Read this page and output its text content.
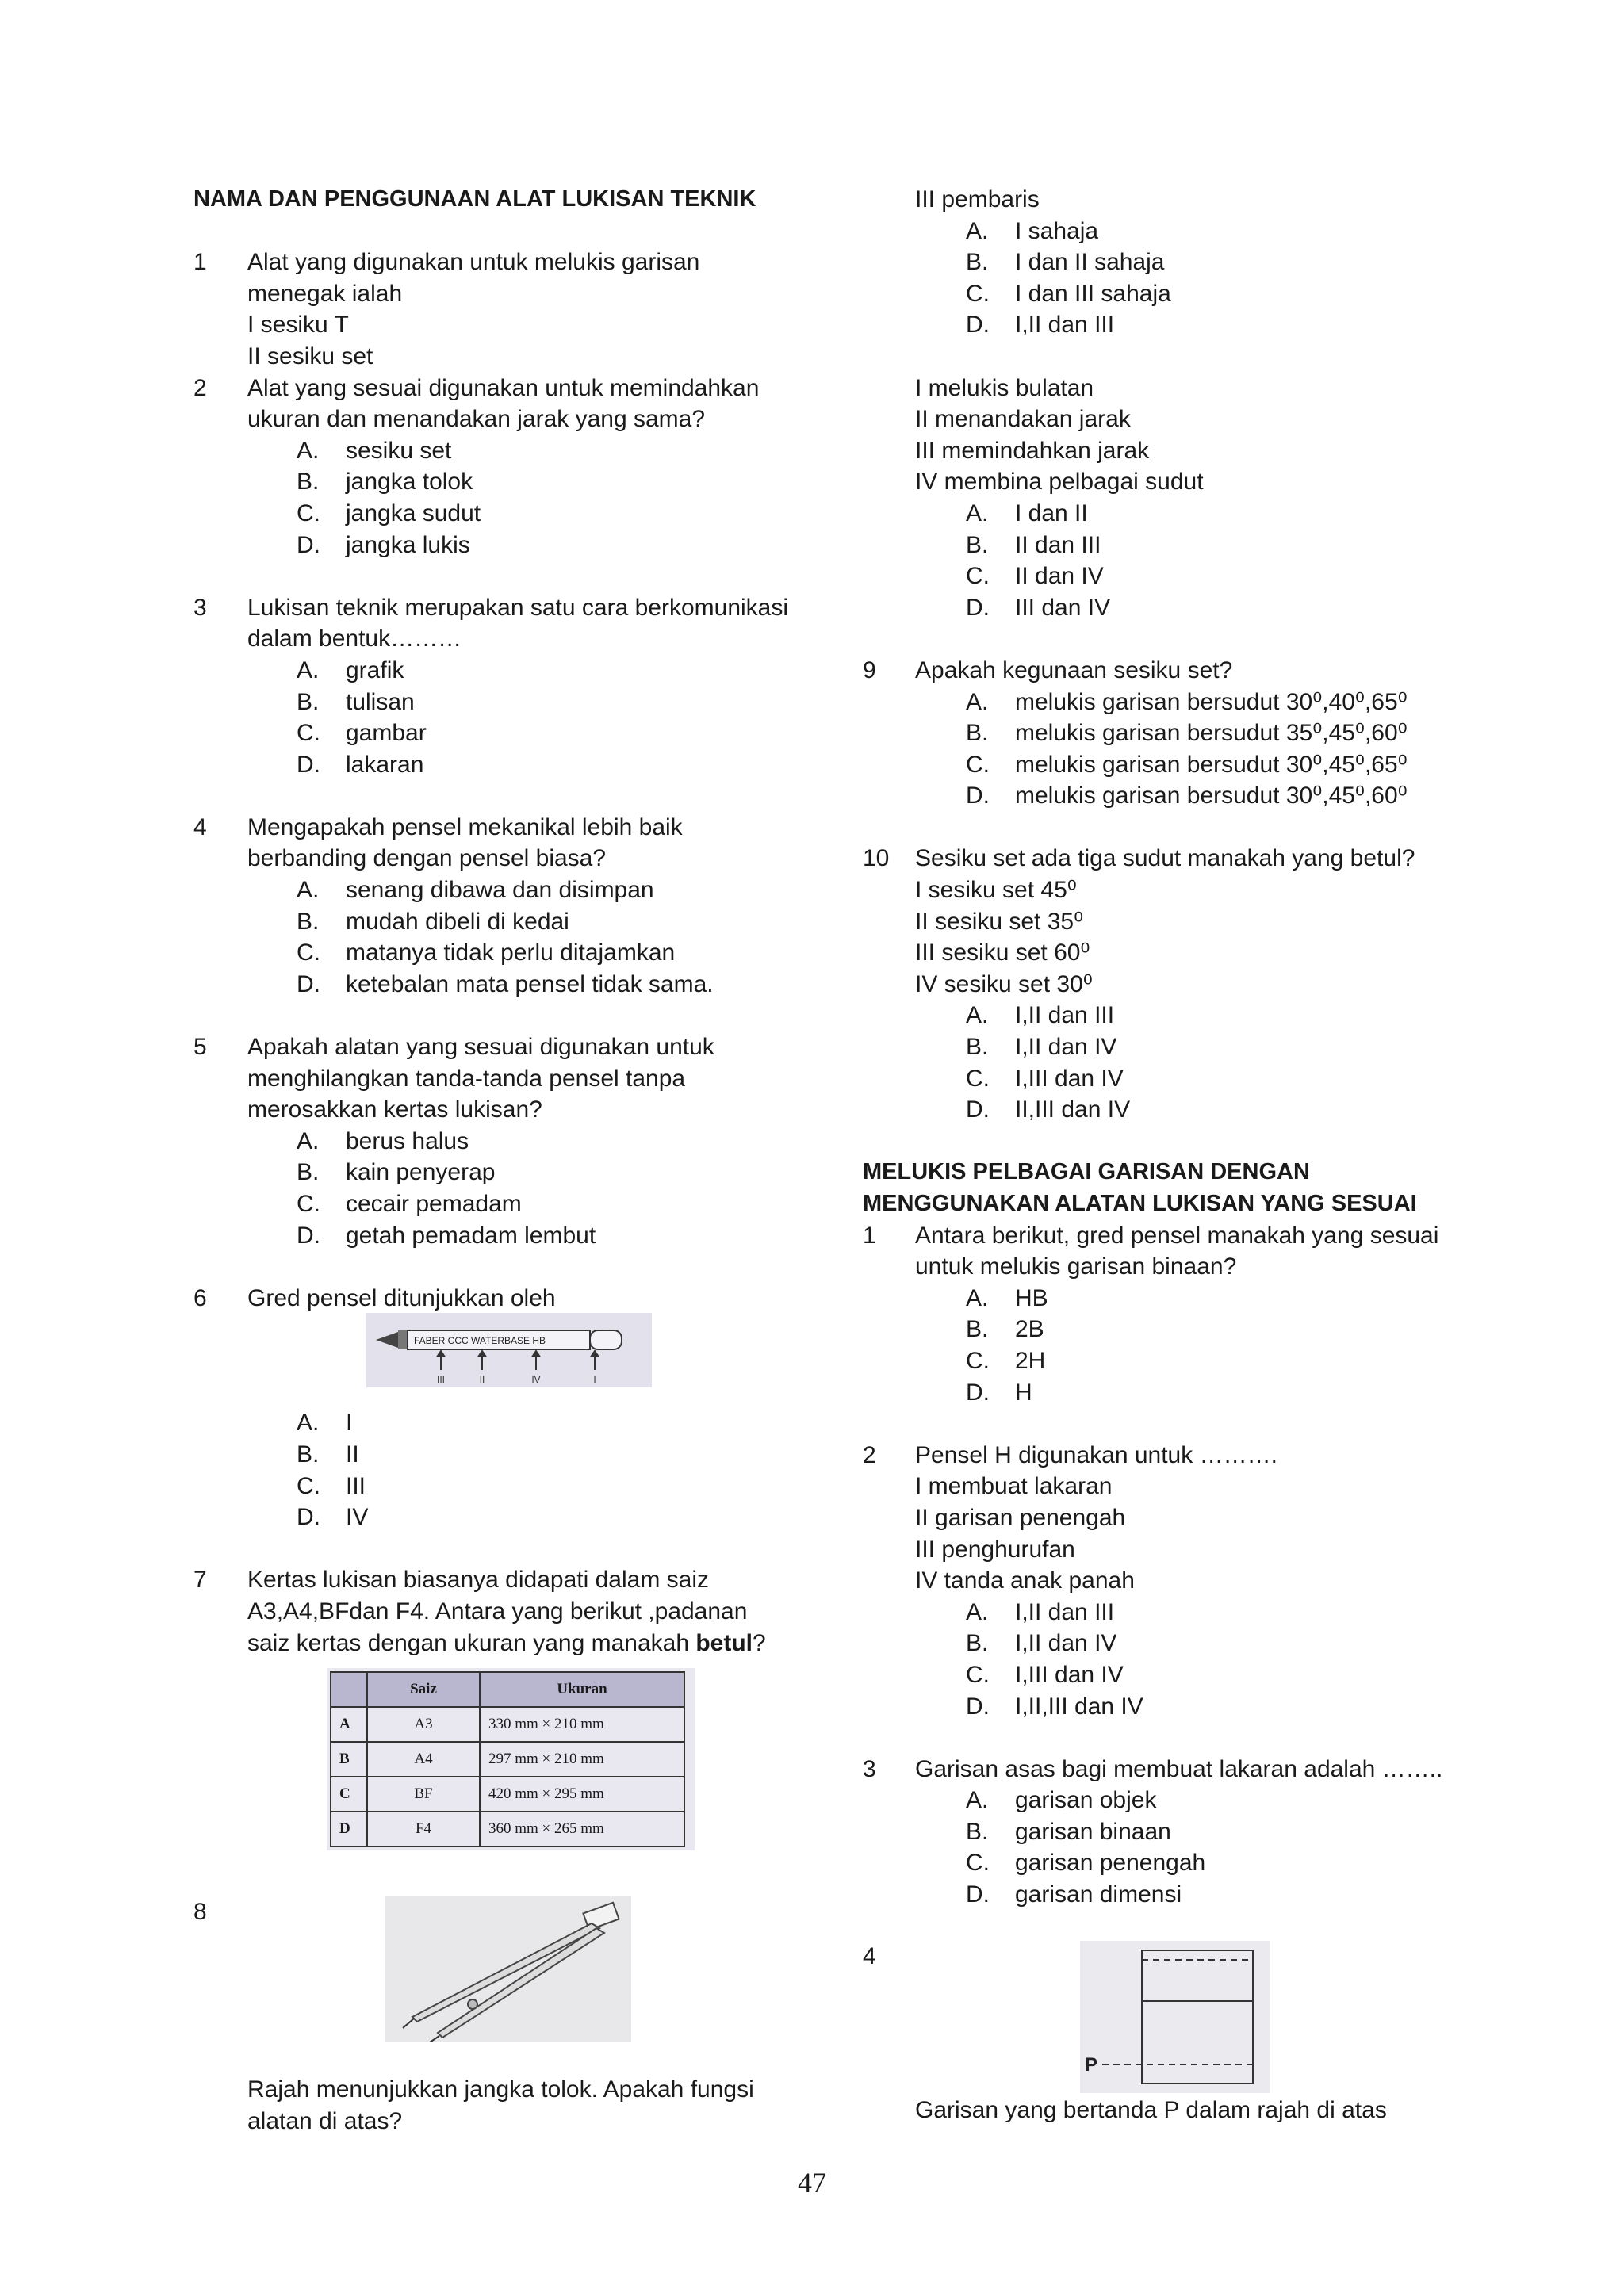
NAMA DAN PENGGUNAAN ALAT LUKISAN TEKNIK
1 Alat yang digunakan untuk melukis garisan
menegak ialah
I sesiku T
II sesiku set
2 Alat yang sesuai digunakan untuk memindahkan
ukuran dan menandakan jarak yang sama?
A. sesiku set
B. jangka tolok
C. jangka sudut
D. jangka lukis
3 Lukisan teknik merupakan satu cara berkomunikasi
dalam bentuk………
A. grafik
B. tulisan
C. gambar
D. lakaran
4 Mengapakah pensel mekanikal lebih baik
berbanding dengan pensel biasa?
A. senang dibawa dan disimpan
B. mudah dibeli di kedai
C. matanya tidak perlu ditajamkan
D. ketebalan mata pensel tidak sama.
5 Apakah alatan yang sesuai digunakan untuk
menghilangkan tanda-tanda pensel tanpa
merosakkan kertas lukisan?
A. berus halus
B. kain penyerap
C. cecair pemadam
D. getah pemadam lembut
6 Gred pensel ditunjukkan oleh
A. I
B. II
C. III
D. IV
7 Kertas lukisan biasanya didapati dalam saiz
A3,A4,BFdan F4. Antara yang berikut ,padanan
saiz kertas dengan ukuran yang manakah betul?
FABER CCC WATERBASE HB
III	II	IV	I
	Saiz	Ukuran
A	A3	330 mm × 210 mm
B	A4	297 mm × 210 mm
C	BF	420 mm × 295 mm
D	F4	360 mm × 265 mm
8
Rajah menunjukkan jangka tolok. Apakah fungsi
alatan di atas?
III pembaris
A. I sahaja
B. I dan II sahaja
C. I dan III sahaja
D. I,II dan III
I melukis bulatan
II menandakan jarak
III memindahkan jarak
IV membina pelbagai sudut
A. I dan II
B. II dan III
C. II dan IV
D. III dan IV
9 Apakah kegunaan sesiku set?
A. melukis garisan bersudut 30⁰,40⁰,65⁰
B. melukis garisan bersudut 35⁰,45⁰,60⁰
C. melukis garisan bersudut 30⁰,45⁰,65⁰
D. melukis garisan bersudut 30⁰,45⁰,60⁰
10 Sesiku set ada tiga sudut manakah yang betul?
I sesiku set 45⁰
II sesiku set 35⁰
III sesiku set 60⁰
IV sesiku set 30⁰
A. I,II dan III
B. I,II dan IV
C. I,III dan IV
D. II,III dan IV
MELUKIS PELBAGAI GARISAN DENGAN
MENGGUNAKAN ALATAN LUKISAN YANG SESUAI
1 Antara berikut, gred pensel manakah yang sesuai
untuk melukis garisan binaan?
A. HB
B. 2B
C. 2H
D. H
2 Pensel H digunakan untuk ……….
I membuat lakaran
II garisan penengah
III penghurufan
IV tanda anak panah
A. I,II dan III
B. I,II dan IV
C. I,III dan IV
D. I,II,III dan IV
3 Garisan asas bagi membuat lakaran adalah ……..
A. garisan objek
B. garisan binaan
C. garisan penengah
D. garisan dimensi
4
P
Garisan yang bertanda P dalam rajah di atas
47
